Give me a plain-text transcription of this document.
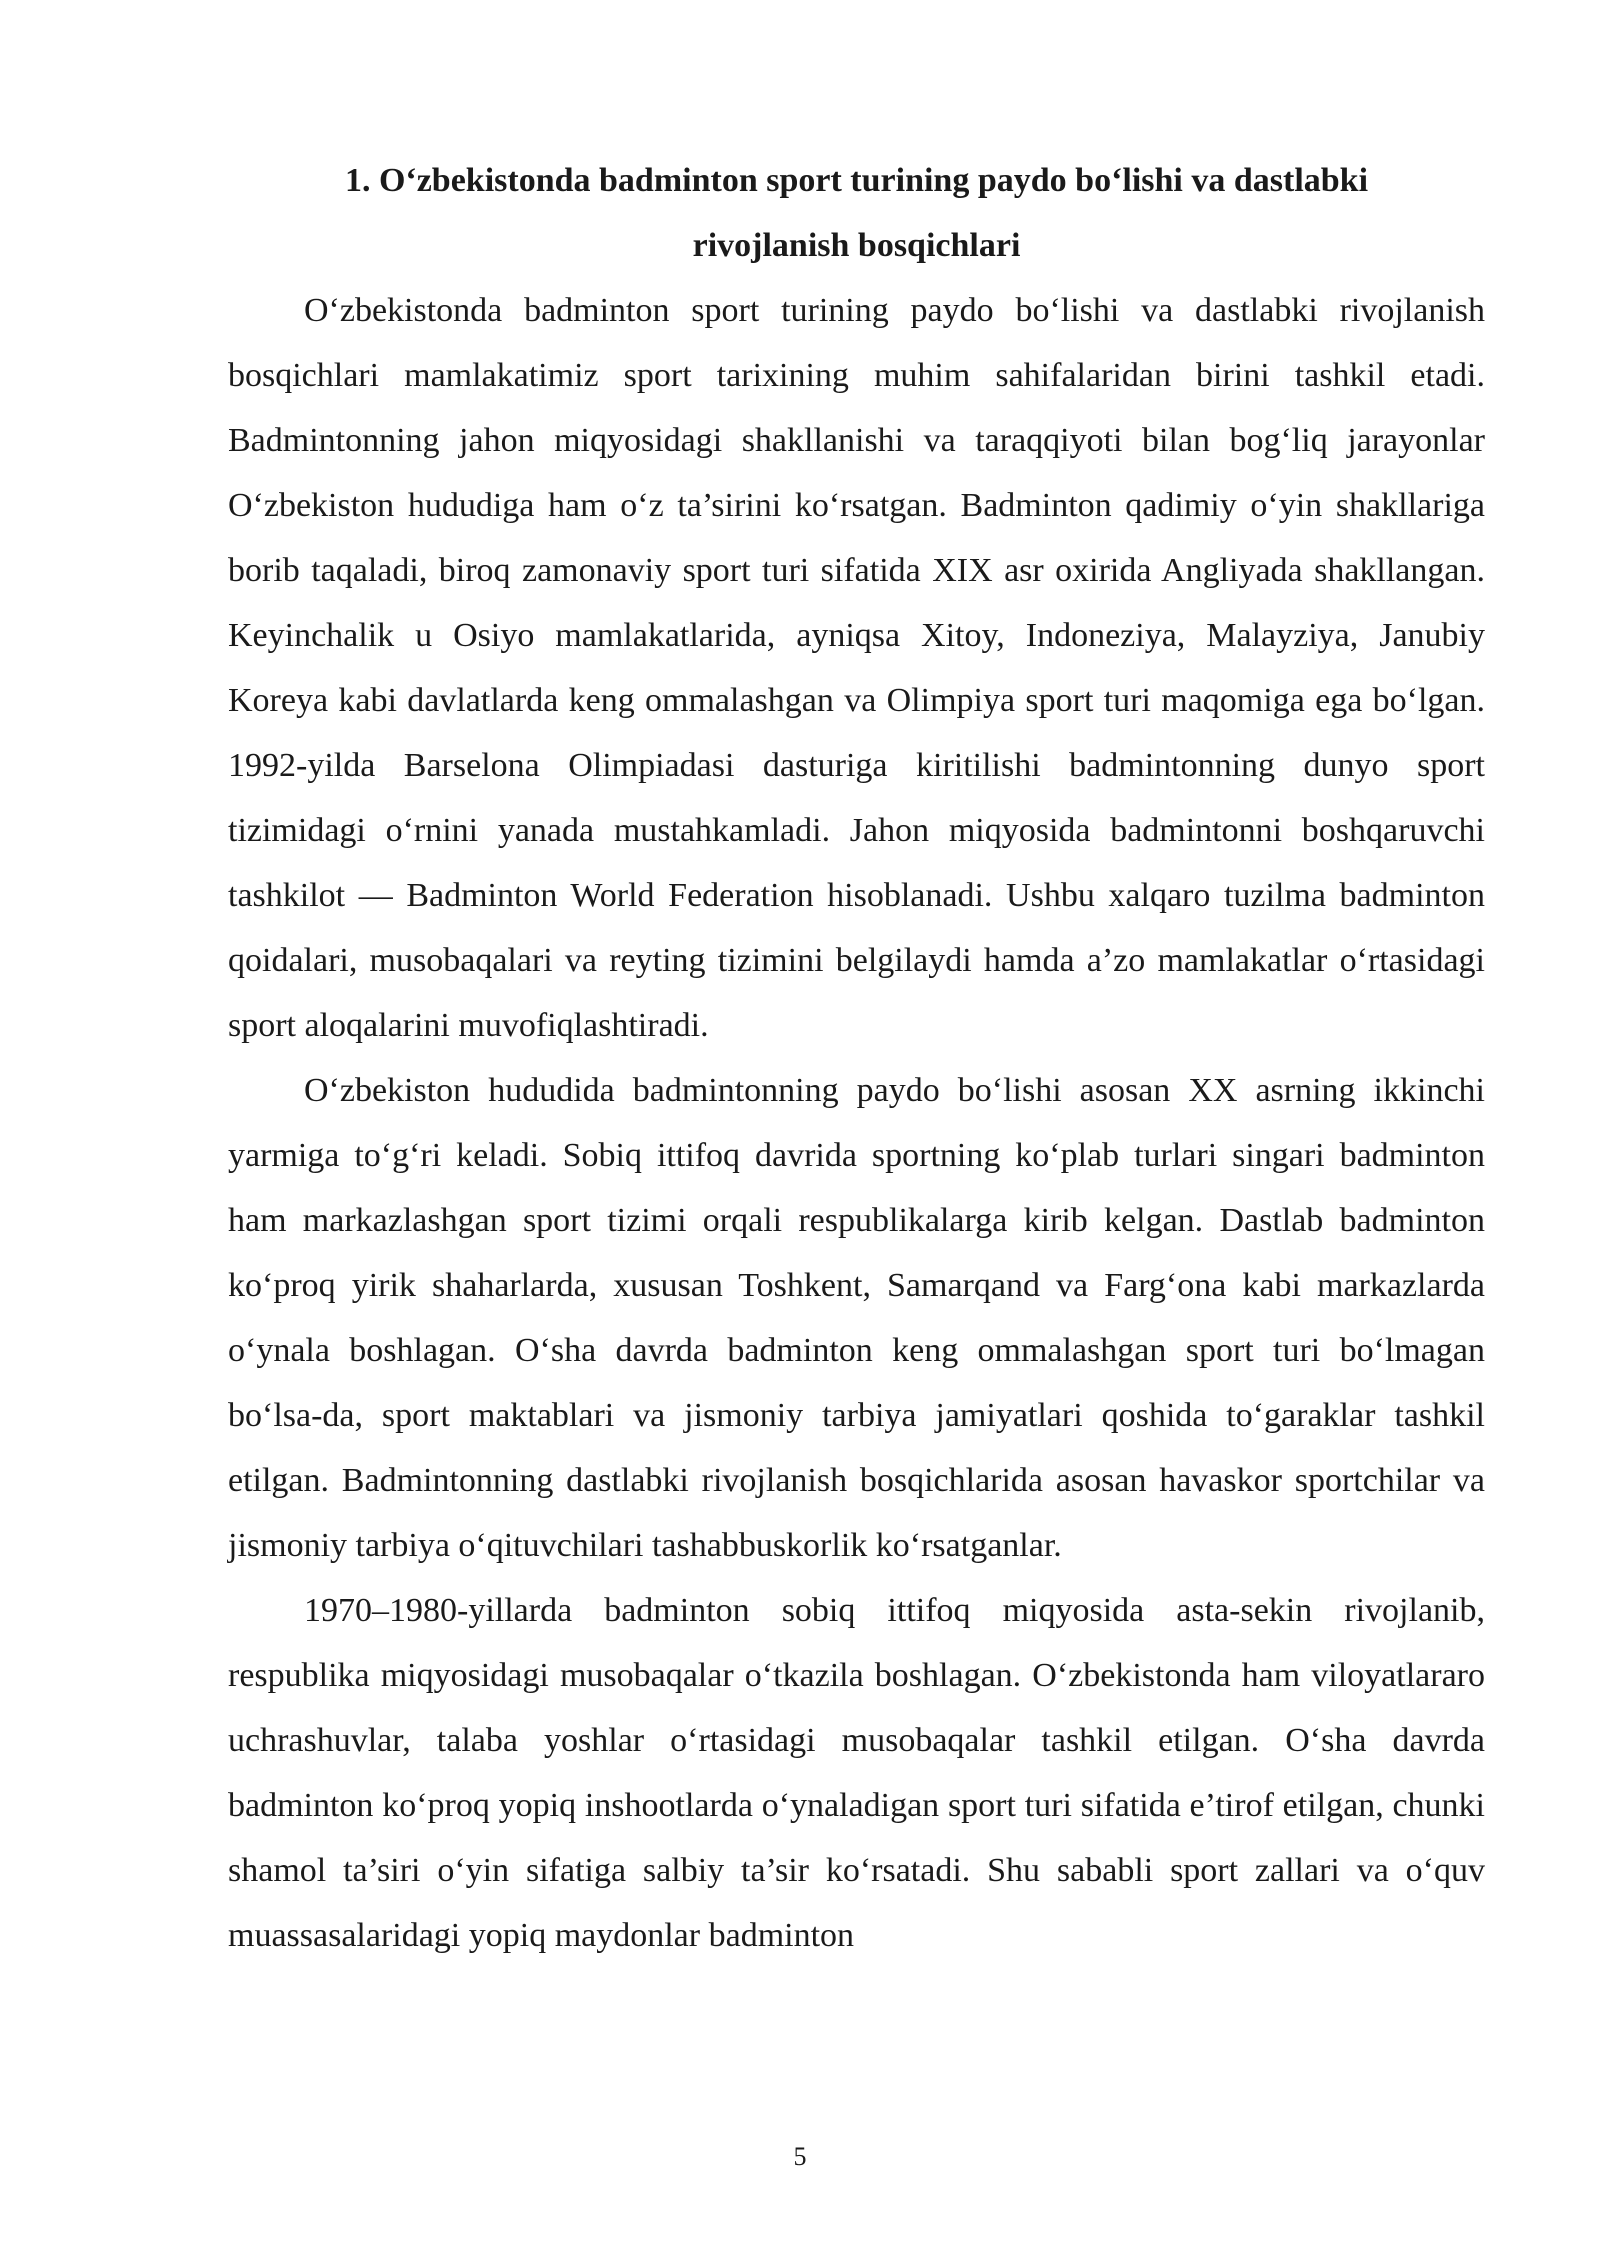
1. O‘zbekistonda badminton sport turining paydo bo‘lishi va dastlabki
rivojlanish bosqichlari

O‘zbekistonda badminton sport turining paydo bo‘lishi va dastlabki rivojlanish bosqichlari mamlakatimiz sport tarixining muhim sahifalaridan birini tashkil etadi. Badmintonning jahon miqyosidagi shakllanishi va taraqqiyoti bilan bog‘liq jarayonlar O‘zbekiston hududiga ham o‘z ta’sirini ko‘rsatgan. Badminton qadimiy o‘yin shakllariga borib taqaladi, biroq zamonaviy sport turi sifatida XIX asr oxirida Angliyada shakllangan. Keyinchalik u Osiyo mamlakatlarida, ayniqsa Xitoy, Indoneziya, Malayziya, Janubiy Koreya kabi davlatlarda keng ommalashgan va Olimpiya sport turi maqomiga ega bo‘lgan. 1992-yilda Barselona Olimpiadasi dasturiga kiritilishi badmintonning dunyo sport tizimidagi o‘rnini yanada mustahkamladi. Jahon miqyosida badmintonni boshqaruvchi tashkilot — Badminton World Federation hisoblanadi. Ushbu xalqaro tuzilma badminton qoidalari, musobaqalari va reyting tizimini belgilaydi hamda a’zo mamlakatlar o‘rtasidagi sport aloqalarini muvofiqlashtiradi.

O‘zbekiston hududida badmintonning paydo bo‘lishi asosan XX asrning ikkinchi yarmiga to‘g‘ri keladi. Sobiq ittifoq davrida sportning ko‘plab turlari singari badminton ham markazlashgan sport tizimi orqali respublikalarga kirib kelgan. Dastlab badminton ko‘proq yirik shaharlarda, xususan Toshkent, Samarqand va Farg‘ona kabi markazlarda o‘ynala boshlagan. O‘sha davrda badminton keng ommalashgan sport turi bo‘lmagan bo‘lsa-da, sport maktablari va jismoniy tarbiya jamiyatlari qoshida to‘garaklar tashkil etilgan. Badmintonning dastlabki rivojlanish bosqichlarida asosan havaskor sportchilar va jismoniy tarbiya o‘qituvchilari tashabbuskorlik ko‘rsatganlar.

1970–1980-yillarda badminton sobiq ittifoq miqyosida asta-sekin rivojlanib, respublika miqyosidagi musobaqalar o‘tkazila boshlagan. O‘zbekistonda ham viloyatlararo uchrashuvlar, talaba yoshlar o‘rtasidagi musobaqalar tashkil etilgan. O‘sha davrda badminton ko‘proq yopiq inshootlarda o‘ynaladigan sport turi sifatida e’tirof etilgan, chunki shamol ta’siri o‘yin sifatiga salbiy ta’sir ko‘rsatadi. Shu sababli sport zallari va o‘quv muassasalaridagi yopiq maydonlar badminton

5
